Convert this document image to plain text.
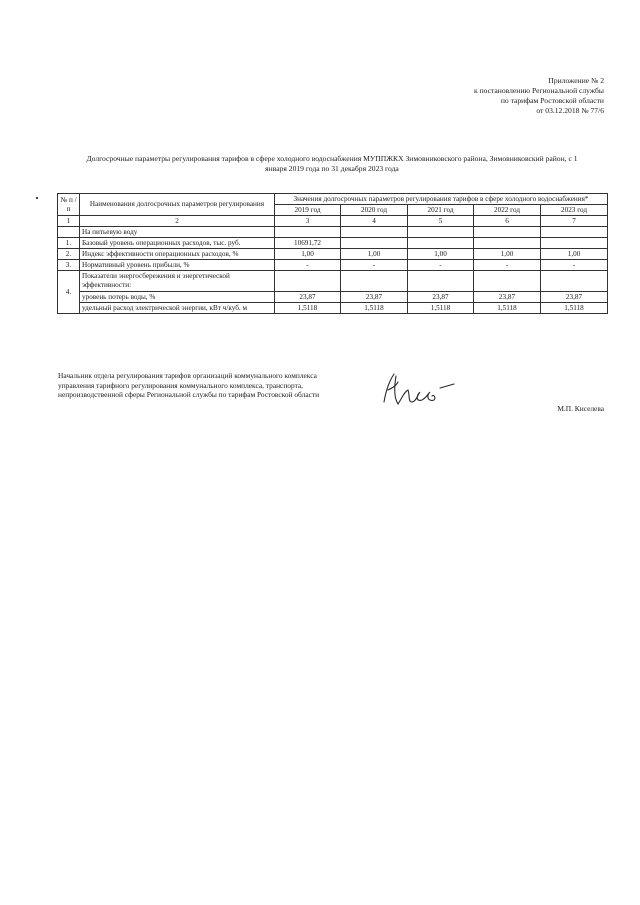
Приложение № 2
к постановлению Региональной службы
по тарифам Ростовской области
от 03.12.2018 № 77/6
Долгосрочные параметры регулирования тарифов в сфере холодного водоснабжения МУППЖКХ Зимовниковского района, Зимовниковский район, с 1
января 2019 года по 31 декабря 2023 года
№ п /п	Наименования долгосрочных параметров регулирования	Значения долгосрочных параметров регулирования тарифов в сфере холодного водоснабжения*				
		2019 год	2020 год	2021 год	2022 год	2023 год
1	2	3	4	5	6	7
	На питьевую воду					
1.	Базовый уровень операционных расходов, тыс. руб.	10691,72				
2.	Индекс эффективности операционных расходов, %	1,00	1,00	1,00	1,00	1,00
3.	Нормативный уровень прибыли, %	-	-	-	-	-
4.	Показатели энергосбережения и энергетической эффективности:					
	уровень потерь воды, %	23,87	23,87	23,87	23,87	23,87
	удельный расход электрической энергии, кВт ч/куб. м	1,5118	1,5118	1,5118	1,5118	1,5118
Начальник отдела регулирования тарифов организаций коммунального комплекса управления тарифного регулирования коммунального комплекса, транспорта, непроизводственной сферы Региональной службы по тарифам Ростовской области
М.П. Киселева
